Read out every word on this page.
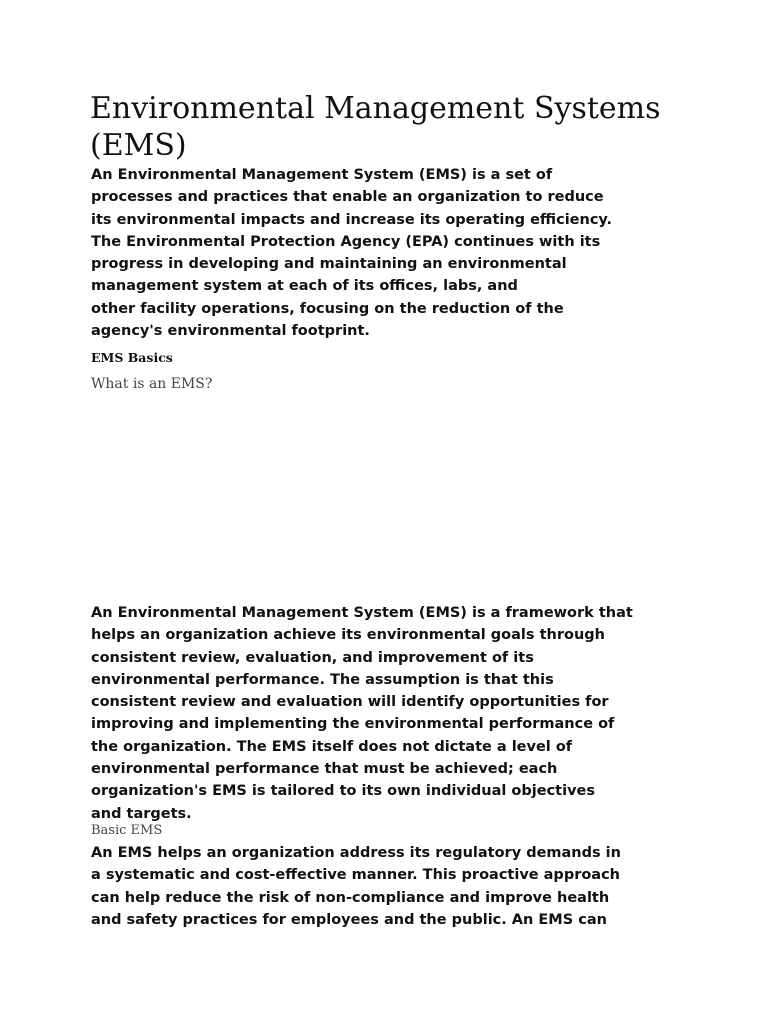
Environmental Management Systems (EMS)
An Environmental Management System (EMS) is a set of
processes and practices that enable an organization to reduce
its environmental impacts and increase its operating efficiency.
The Environmental Protection Agency (EPA) continues with its
progress in developing and maintaining an environmental
management system at each of its offices, labs, and
other facility operations, focusing on the reduction of the
agency's environmental footprint.
EMS Basics

What is an EMS?

An Environmental Management System (EMS) is a framework that
helps an organization achieve its environmental goals through
consistent review, evaluation, and improvement of its
environmental performance. The assumption is that this
consistent review and evaluation will identify opportunities for
improving and implementing the environmental performance of
the organization. The EMS itself does not dictate a level of
environmental performance that must be achieved; each
organization's EMS is tailored to its own individual objectives
and targets.

Basic EMS

An EMS helps an organization address its regulatory demands in
a systematic and cost-effective manner. This proactive approach
can help reduce the risk of non-compliance and improve health
and safety practices for employees and the public. An EMS can
